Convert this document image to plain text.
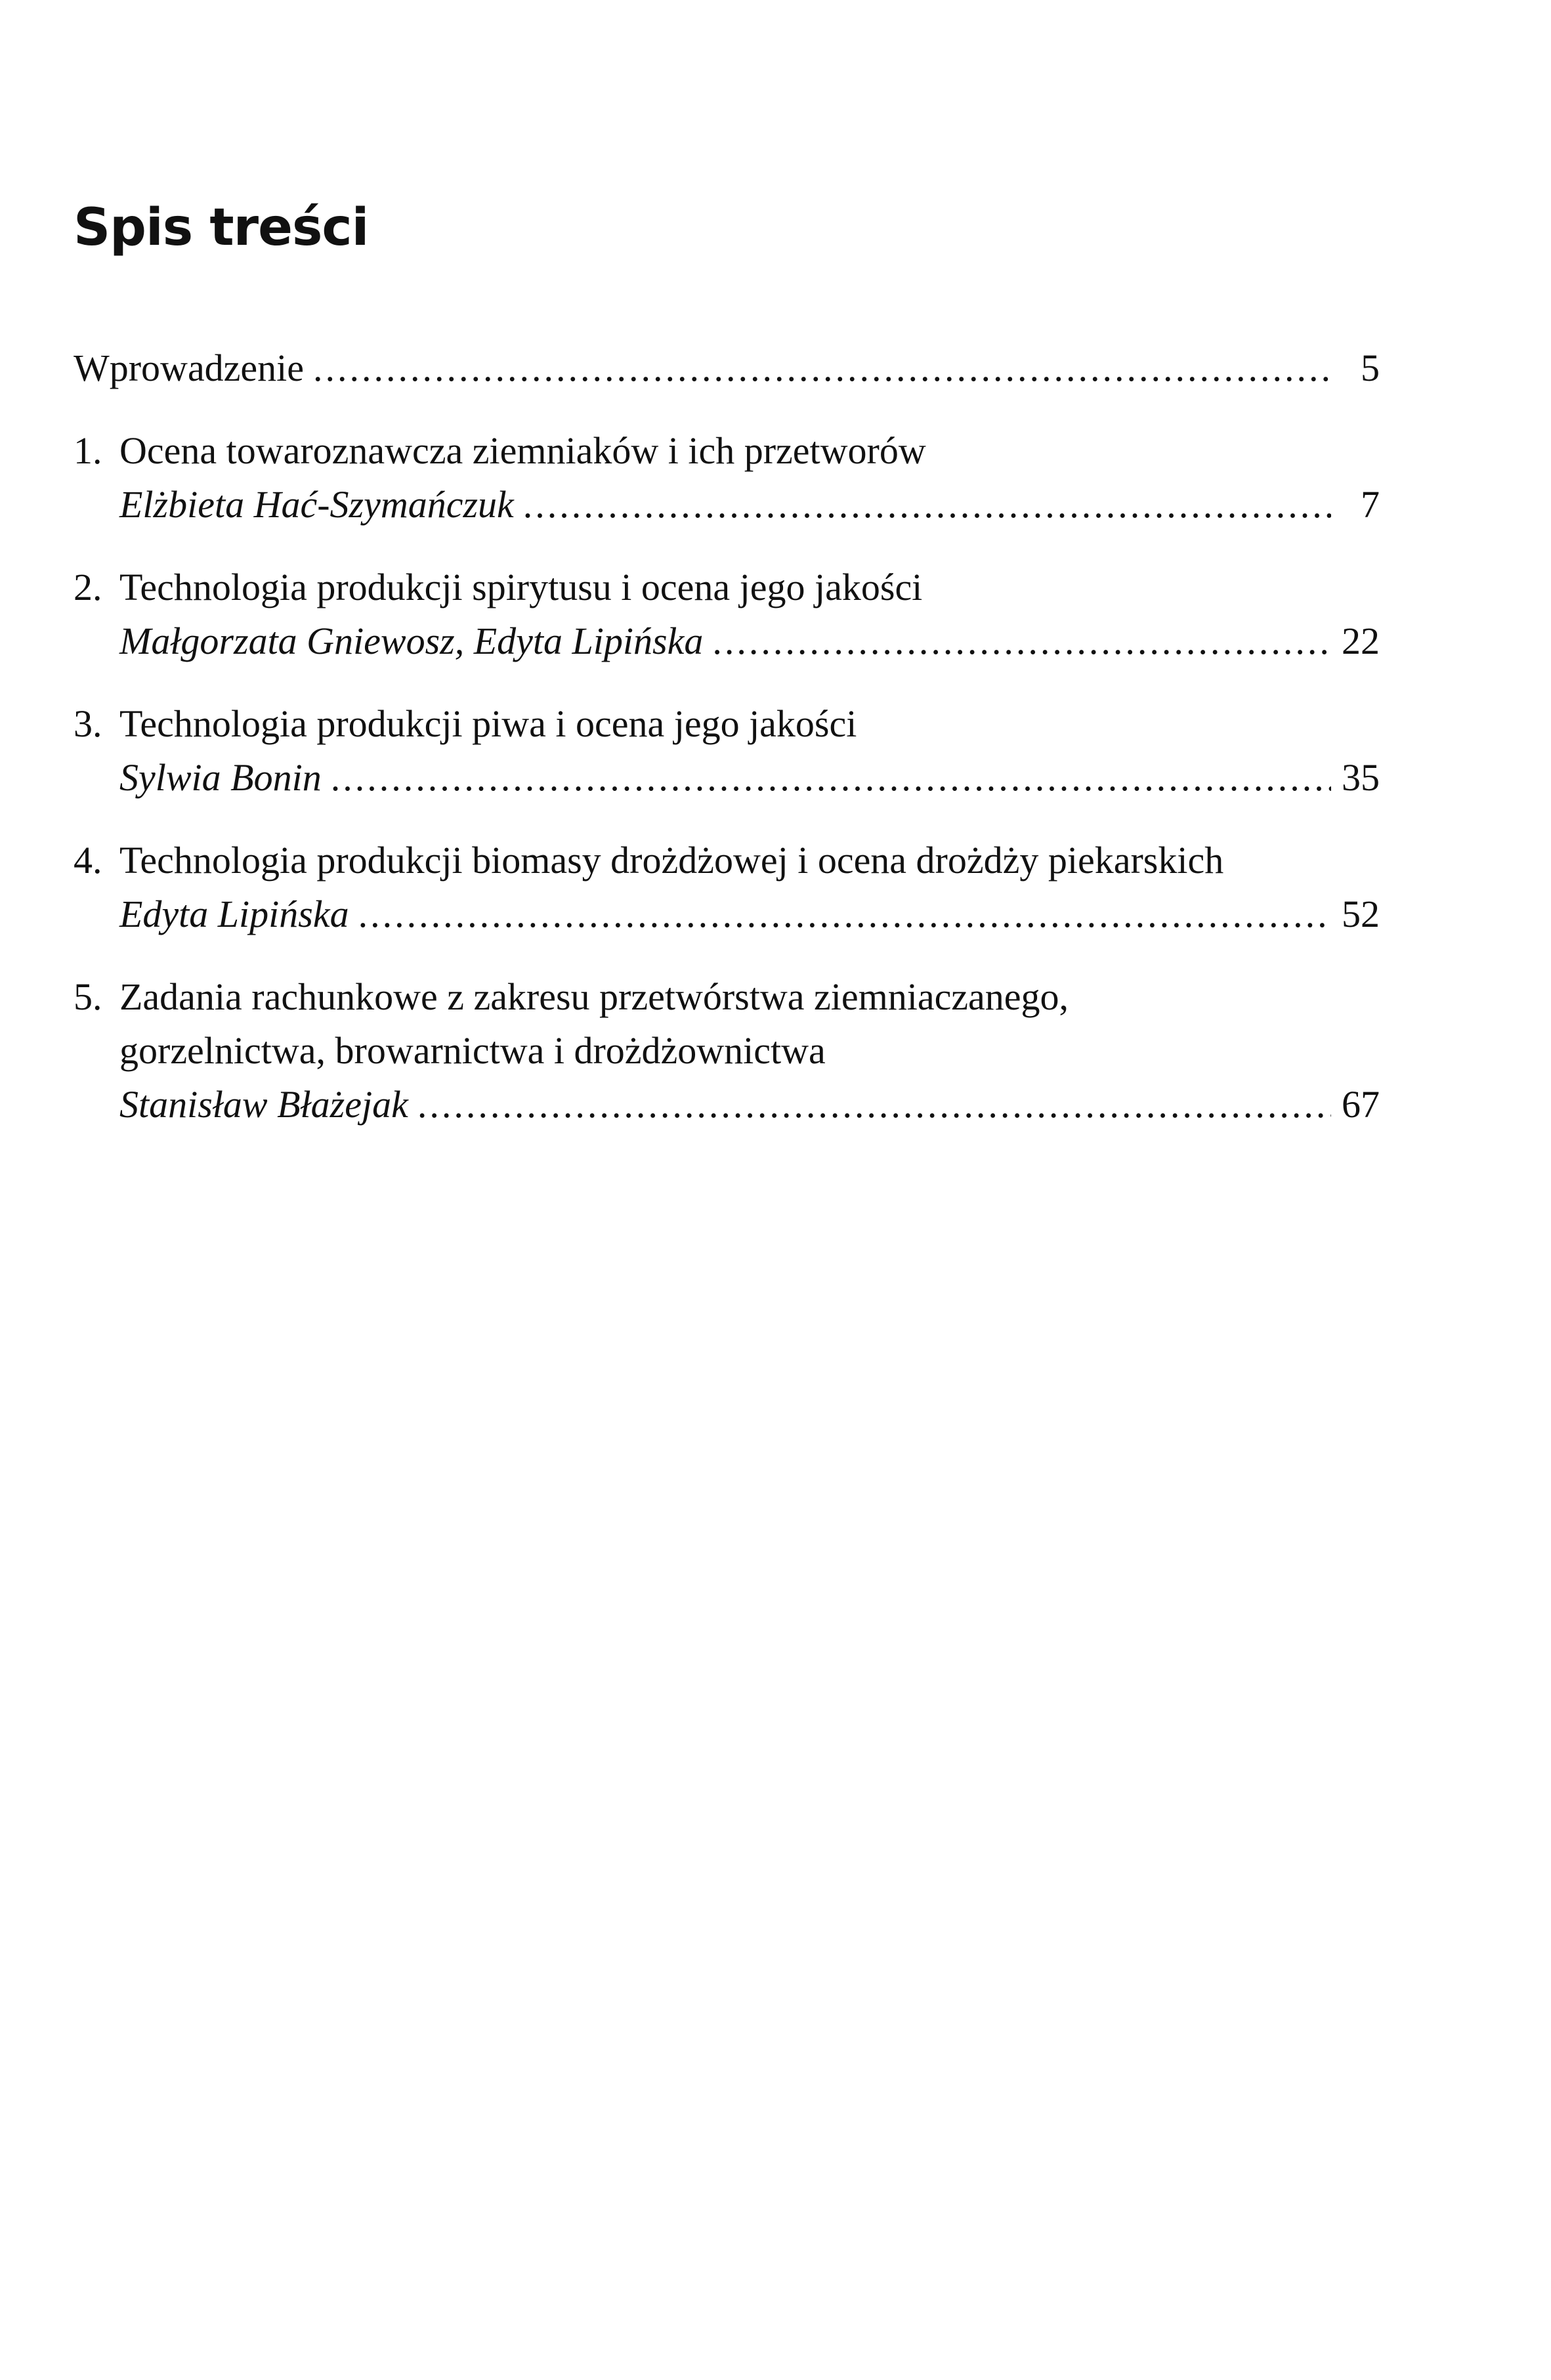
Spis treści
Wprowadzenie .....	5
1. Ocena towaroznawcza ziemniaków i ich przetworów
Elżbieta Hać-Szymańczuk .....	7
2. Technologia produkcji spirytusu i ocena jego jakości
Małgorzata Gniewosz, Edyta Lipińska .....	22
3. Technologia produkcji piwa i ocena jego jakości
Sylwia Bonin .....	35
4. Technologia produkcji biomasy drożdżowej i ocena drożdży piekarskich
Edyta Lipińska .....	52
5. Zadania rachunkowe z zakresu przetwórstwa ziemniaczanego,
gorzelnictwa, browarnictwa i drożdżownictwa
Stanisław Błażejak .....	67
